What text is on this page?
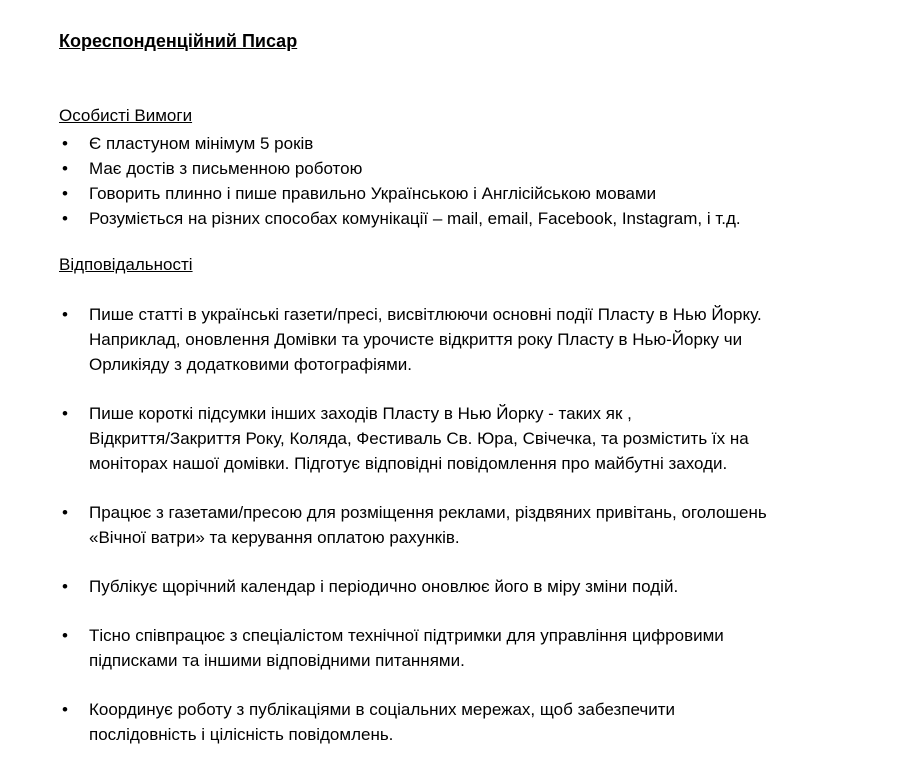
Кореспонденційний Писар
Особисті Вимоги
• Є пластуном мінімум 5 років
• Має достів з письменною роботою
• Говорить плинно і пише правильно Українською і Англісійською мовами
• Розуміється на різних способах комунікації – mail, email, Facebook, Instagram, і т.д.
Відповідальності
• Пише статті в українські газети/пресі, висвітлюючи основні події Пласту в Нью Йорку.
Наприклад, оновлення Домівки та урочисте відкриття року Пласту в Нью-Йорку чи
Орликіяду з додатковими фотографіями.
• Пише короткі підсумки інших заходів Пласту в Нью Йорку - таких як ,
Відкриття/Закриття Року, Коляда, Фестиваль Св. Юра, Свічечка, та розмістить їх на
моніторах нашої домівки. Підготує відповідні повідомлення про майбутні заходи.
• Працює з газетами/пресою для розміщення реклами, різдвяних привітань, оголошень
«Вічної ватри» та керування оплатою рахунків.
• Публікує щорічний календар і періодично оновлює його в міру зміни подій.
• Тісно співпрацює з спеціалістом технічної підтримки для управління цифровими
підписками та іншими відповідними питаннями.
• Координує роботу з публікаціями в соціальних мережах, щоб забезпечити
послідовність і цілісність повідомлень.
